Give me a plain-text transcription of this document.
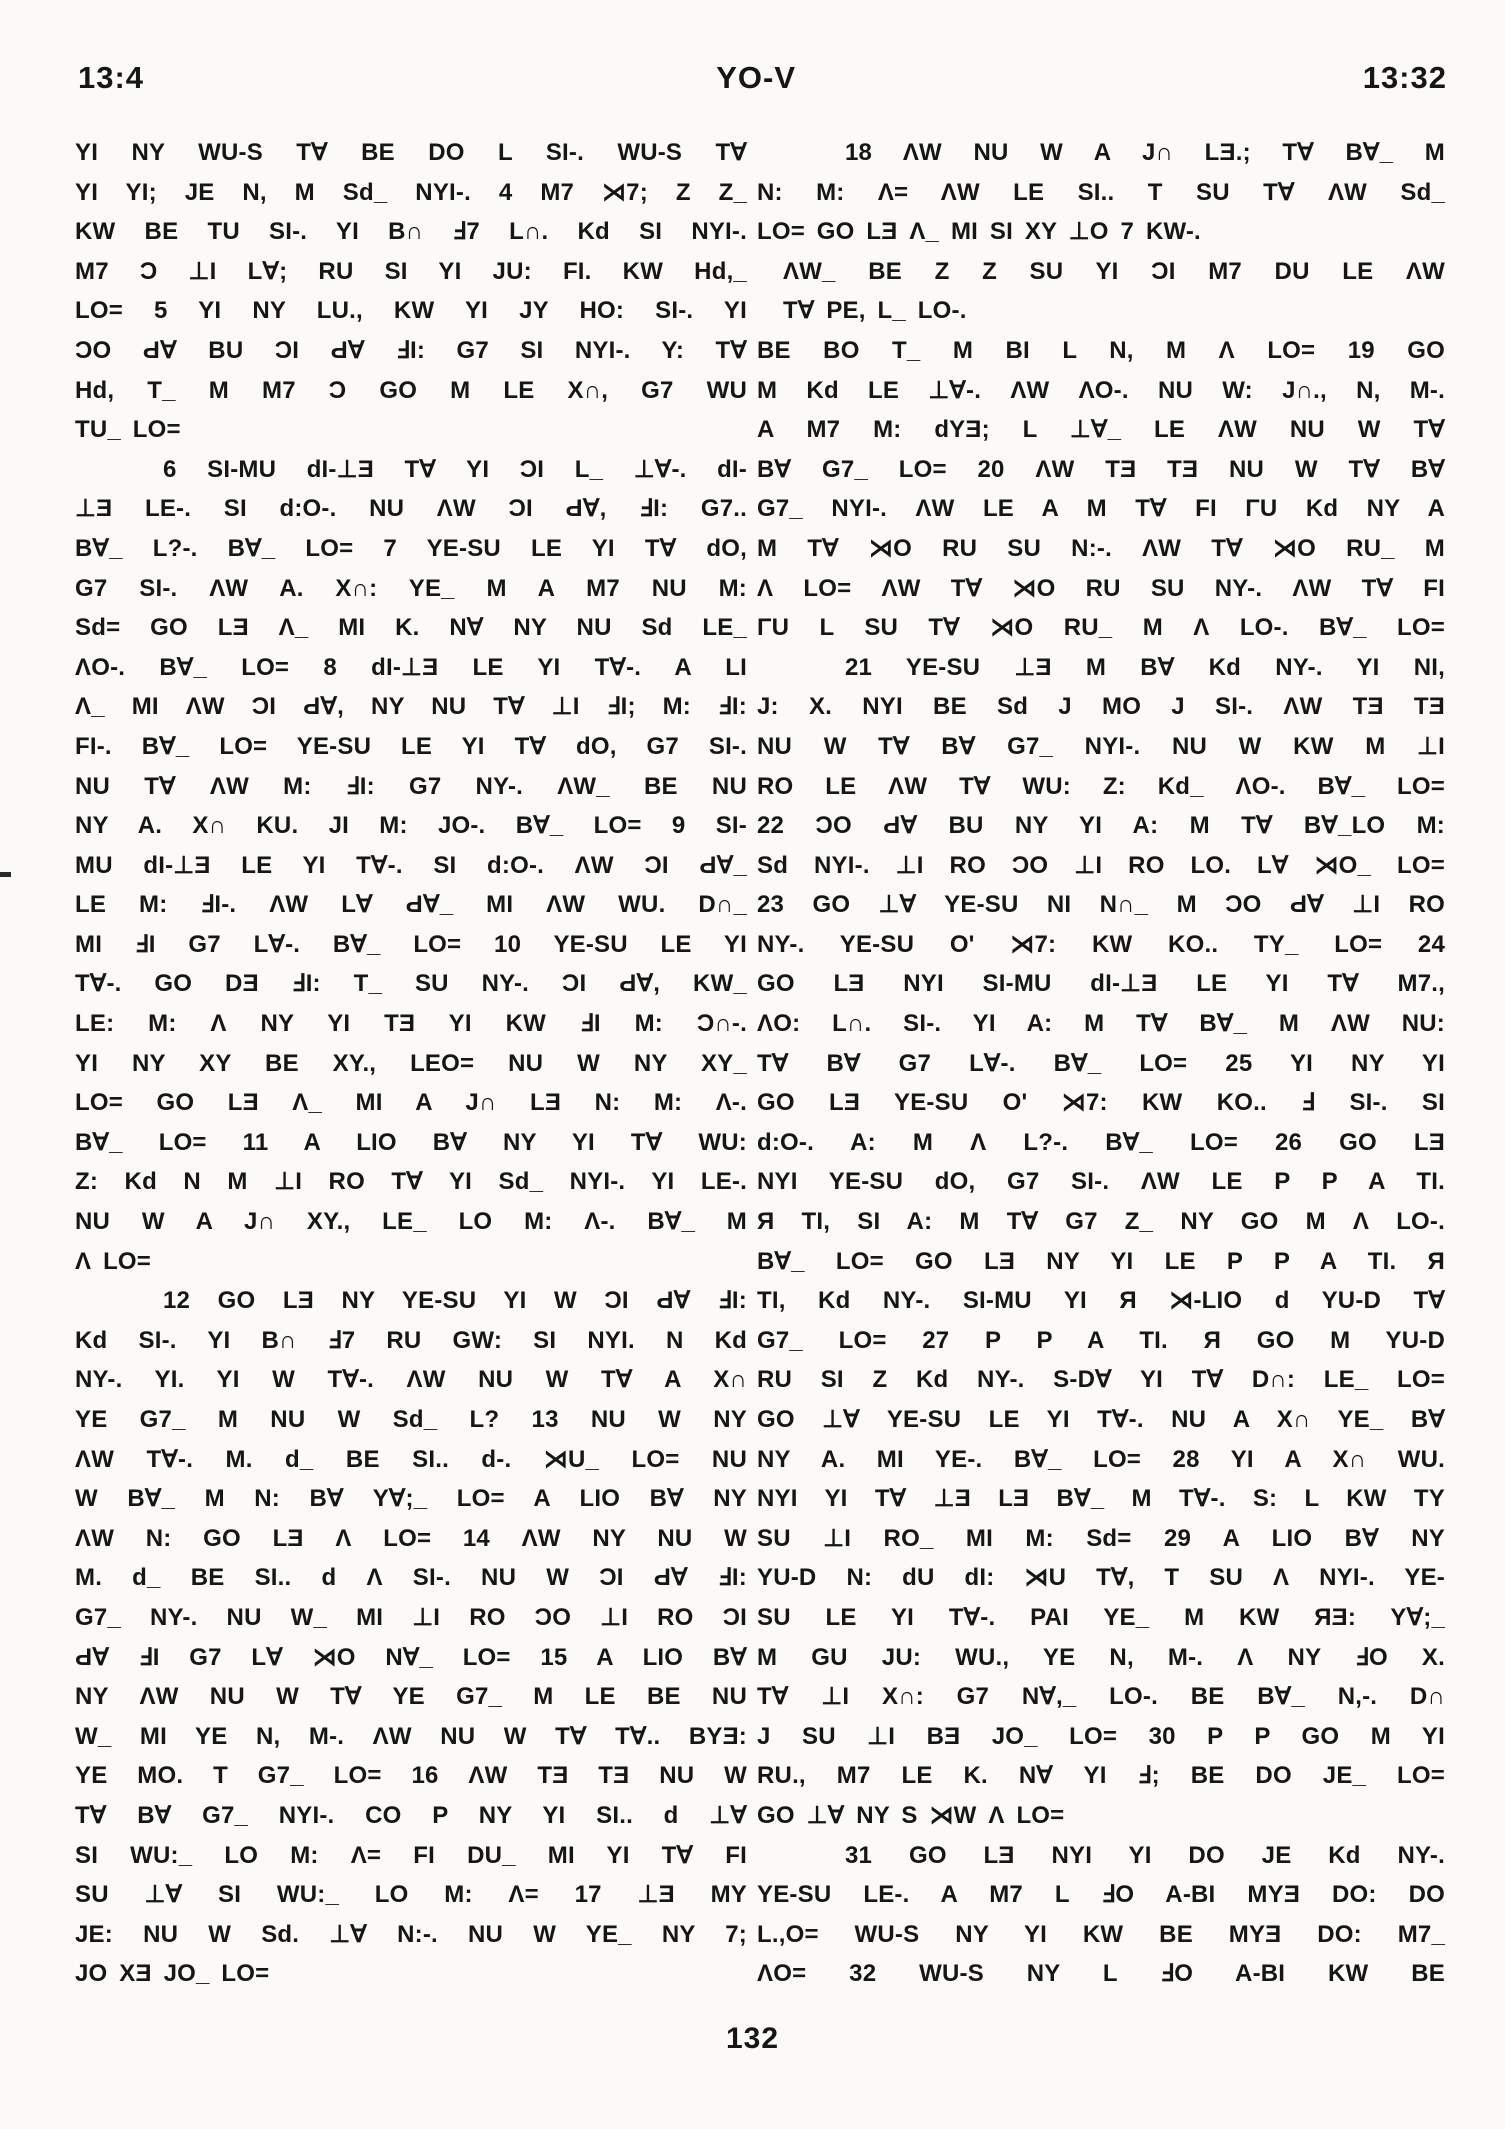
13:4	YO-V	13:32
YI NY WU-S T∀ BE DO L SI-. WU-S T∀
YI YI; JE N, M Sd_ NYI-. 4 M7 ⋊7; Z Z_
KW BE TU SI-. YI B∩ Ⅎ7 L∩. Kd SI NYI-.
M7 Ɔ ⊥I L∀; RU SI YI JU: FI. KW Hd,_
LO= 5 YI NY LU., KW YI JY HO: SI-. YI
ƆO Ԁ∀ BU ƆI Ԁ∀ ℲI: G7 SI NYI-. Y: T∀
Hd, T_ M M7 Ɔ GO M LE X∩, G7 WU
TU_ LO=
6 SI-MU dI-⊥Ǝ T∀ YI ƆI L_ ⊥∀-. dI-
⊥Ǝ LE-. SI d:O-. NU ΛW ƆI Ԁ∀, ℲI: G7..
B∀_ L?-. B∀_ LO= 7 YE-SU LE YI T∀ dO,
G7 SI-. ΛW A. X∩: YE_ M A M7 NU M:
Sd= GO LƎ Λ_ MI K. N∀ NY NU Sd LE_
ΛO-. B∀_ LO= 8 dI-⊥Ǝ LE YI T∀-. A LI
Λ_ MI ΛW ƆI Ԁ∀, NY NU T∀ ⊥I ℲI; M: ℲI:
FI-. B∀_ LO= YE-SU LE YI T∀ dO, G7 SI-.
NU T∀ ΛW M: ℲI: G7 NY-. ΛW_ BE NU
NY A. X∩ KU. JI M: JO-. B∀_ LO= 9 SI-
MU dI-⊥Ǝ LE YI T∀-. SI d:O-. ΛW ƆI Ԁ∀_
LE M: ℲI-. ΛW L∀ Ԁ∀_ MI ΛW WU. D∩_
MI ℲI G7 L∀-. B∀_ LO= 10 YE-SU LE YI
T∀-. GO DƎ ℲI: T_ SU NY-. ƆI Ԁ∀, KW_
LE: M: Λ NY YI TƎ YI KW ℲI M: Ɔ∩-.
YI NY XY BE XY., LEO= NU W NY XY_
LO= GO LƎ Λ_ MI A J∩ LƎ N: M: Λ-.
B∀_ LO= 11 A LIO B∀ NY YI T∀ WU:
Z: Kd N M ⊥I RO T∀ YI Sd_ NYI-. YI LE-.
NU W A J∩ XY., LE_ LO M: Λ-. B∀_ M
Λ LO=
12 GO LƎ NY YE-SU YI W ƆI Ԁ∀ ℲI:
Kd SI-. YI B∩ Ⅎ7 RU GW: SI NYI. N Kd
NY-. YI. YI W T∀-. ΛW NU W T∀ A X∩
YE G7_ M NU W Sd_ L? 13 NU W NY
ΛW T∀-. M. d_ BE SI.. d-. ⋊U_ LO= NU
W B∀_ M N: B∀ Y∀;_ LO= A LIO B∀ NY
ΛW N: GO LƎ Λ LO= 14 ΛW NY NU W
M. d_ BE SI.. d Λ SI-. NU W ƆI Ԁ∀ ℲI:
G7_ NY-. NU W_ MI ⊥I RO ƆO ⊥I RO ƆI
Ԁ∀ ℲI G7 L∀ ⋊O N∀_ LO= 15 A LIO B∀
NY ΛW NU W T∀ YE G7_ M LE BE NU
W_ MI YE N, M-. ΛW NU W T∀ T∀.. BYƎ:
YE MO. T G7_ LO= 16 ΛW TƎ TƎ NU W
T∀ B∀ G7_ NYI-. CO P NY YI SI.. d ⊥∀
SI WU:_ LO M: Λ= FI DU_ MI YI T∀ FI
SU ⊥∀ SI WU:_ LO M: Λ= 17 ⊥Ǝ MY
JE: NU W Sd. ⊥∀ N:-. NU W YE_ NY 7;
JO XƎ JO_ LO=
18 ΛW NU W A J∩ LƎ.; T∀ B∀_ M
N: M: Λ= ΛW LE SI.. T SU T∀ ΛW Sd_
LO= GO LƎ Λ_ MI SI XY ⊥O 7 KW-.
ΛW_ BE Z Z SU YI ƆI M7 DU LE ΛW
T∀ PE, L_ LO-.
BE BO T_ M BI L N, M Λ LO= 19 GO
M Kd LE ⊥∀-. ΛW ΛO-. NU W: J∩., N, M-.
A M7 M: dYƎ; L ⊥∀_ LE ΛW NU W T∀
B∀ G7_ LO= 20 ΛW TƎ TƎ NU W T∀ B∀
G7_ NYI-. ΛW LE A M T∀ FI ΓU Kd NY A
M T∀ ⋊O RU SU N:-. ΛW T∀ ⋊O RU_ M
Λ LO= ΛW T∀ ⋊O RU SU NY-. ΛW T∀ FI
ΓU L SU T∀ ⋊O RU_ M Λ LO-. B∀_ LO=
21 YE-SU ⊥Ǝ M B∀ Kd NY-. YI NI,
J: X. NYI BE Sd J MO J SI-. ΛW TƎ TƎ
NU W T∀ B∀ G7_ NYI-. NU W KW M ⊥I
RO LE ΛW T∀ WU: Z: Kd_ ΛO-. B∀_ LO=
22 ƆO Ԁ∀ BU NY YI A: M T∀ B∀_LO M:
Sd NYI-. ⊥I RO ƆO ⊥I RO LO. L∀ ⋊O_ LO=
23 GO ⊥∀ YE-SU NI N∩_ M ƆO Ԁ∀ ⊥I RO
NY-. YE-SU O' ⋊7: KW KO.. TY_ LO= 24
GO LƎ NYI SI-MU dI-⊥Ǝ LE YI T∀ M7.,
ΛO: L∩. SI-. YI A: M T∀ B∀_ M ΛW NU:
T∀ B∀ G7 L∀-. B∀_ LO= 25 YI NY YI
GO LƎ YE-SU O' ⋊7: KW KO.. Ⅎ SI-. SI
d:O-. A: M Λ L?-. B∀_ LO= 26 GO LƎ
NYI YE-SU dO, G7 SI-. ΛW LE P P A TI.
Я TI, SI A: M T∀ G7 Z_ NY GO M Λ LO-.
B∀_ LO= GO LƎ NY YI LE P P A TI. Я
TI, Kd NY-. SI-MU YI Я ⋊-LIO d YU-D T∀
G7_ LO= 27 P P A TI. Я GO M YU-D
RU SI Z Kd NY-. S-D∀ YI T∀ D∩: LE_ LO=
GO ⊥∀ YE-SU LE YI T∀-. NU A X∩ YE_ B∀
NY A. MI YE-. B∀_ LO= 28 YI A X∩ WU.
NYI YI T∀ ⊥Ǝ LƎ B∀_ M T∀-. S: L KW TY
SU ⊥I RO_ MI M: Sd= 29 A LIO B∀ NY
YU-D N: dU dI: ⋊U T∀, T SU Λ NYI-. YE-
SU LE YI T∀-. PAI YE_ M KW ЯƎ: Y∀;_
M GU JU: WU., YE N, M-. Λ NY ℲO X.
T∀ ⊥I X∩: G7 N∀,_ LO-. BE B∀_ N,-. D∩
J SU ⊥I BƎ JO_ LO= 30 P P GO M YI
RU., M7 LE K. N∀ YI Ⅎ; BE DO JE_ LO=
GO ⊥∀ NY S ⋊W Λ LO=
31 GO LƎ NYI YI DO JE Kd NY-.
YE-SU LE-. A M7 L ℲO A-BI MYƎ DO: DO
L.,O= WU-S NY YI KW BE MYƎ DO: M7_
ΛO= 32 WU-S NY L ℲO A-BI KW BE
132
